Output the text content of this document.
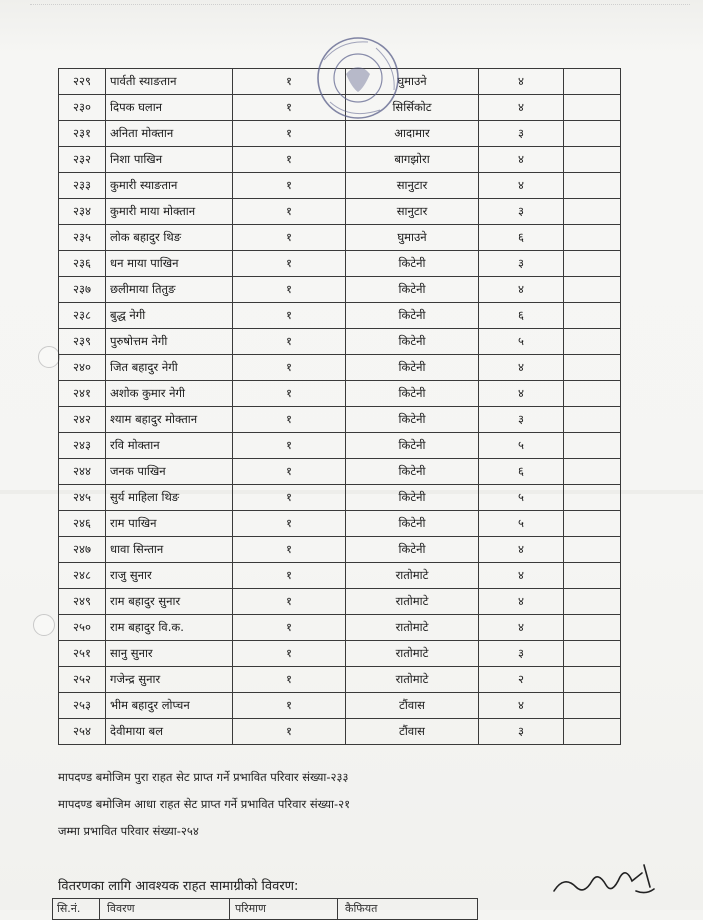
२२९	पार्वती स्याङतान	१	घुमाउने	४	
२३०	दिपक घलान	१	सिर्सिकोट	४	
२३१	अनिता मोक्तान	१	आदामार	३	
२३२	निशा पाखिन	१	बागझोरा	४	
२३३	कुमारी स्याङतान	१	सानुटार	४	
२३४	कुमारी माया मोक्तान	१	सानुटार	३	
२३५	लोक बहादुर थिङ	१	घुमाउने	६	
२३६	धन माया पाखिन	१	किटेनी	३	
२३७	छलीमाया तितुङ	१	किटेनी	४	
२३८	बुद्ध नेगी	१	किटेनी	६	
२३९	पुरुषोत्तम नेगी	१	किटेनी	५	
२४०	जित बहादुर नेगी	१	किटेनी	४	
२४१	अशोक कुमार नेगी	१	किटेनी	४	
२४२	श्याम बहादुर मोक्तान	१	किटेनी	३	
२४३	रवि मोक्तान	१	किटेनी	५	
२४४	जनक पाखिन	१	किटेनी	६	
२४५	सुर्य माहिला थिङ	१	किटेनी	५	
२४६	राम पाखिन	१	किटेनी	५	
२४७	धावा सिन्तान	१	किटेनी	४	
२४८	राजु सुनार	१	रातोमाटे	४	
२४९	राम बहादुर सुनार	१	रातोमाटे	४	
२५०	राम बहादुर वि.क.	१	रातोमाटे	४	
२५१	सानु सुनार	१	रातोमाटे	३	
२५२	गजेन्द्र सुनार	१	रातोमाटे	२	
२५३	भीम बहादुर लोप्चन	१	टौंवास	४	
२५४	देवीमाया बल	१	टौंवास	३	
मापदण्ड बमोजिम पुरा राहत सेट प्राप्त गर्ने प्रभावित परिवार संख्या-२३३
मापदण्ड बमोजिम आधा राहत सेट प्राप्त गर्ने प्रभावित परिवार संख्या-२१
जम्मा प्रभावित परिवार संख्या-२५४
वितरणका लागि आवश्यक राहत सामाग्रीको विवरण:
सि.नं. विवरण	परिमाण	कैफियत
